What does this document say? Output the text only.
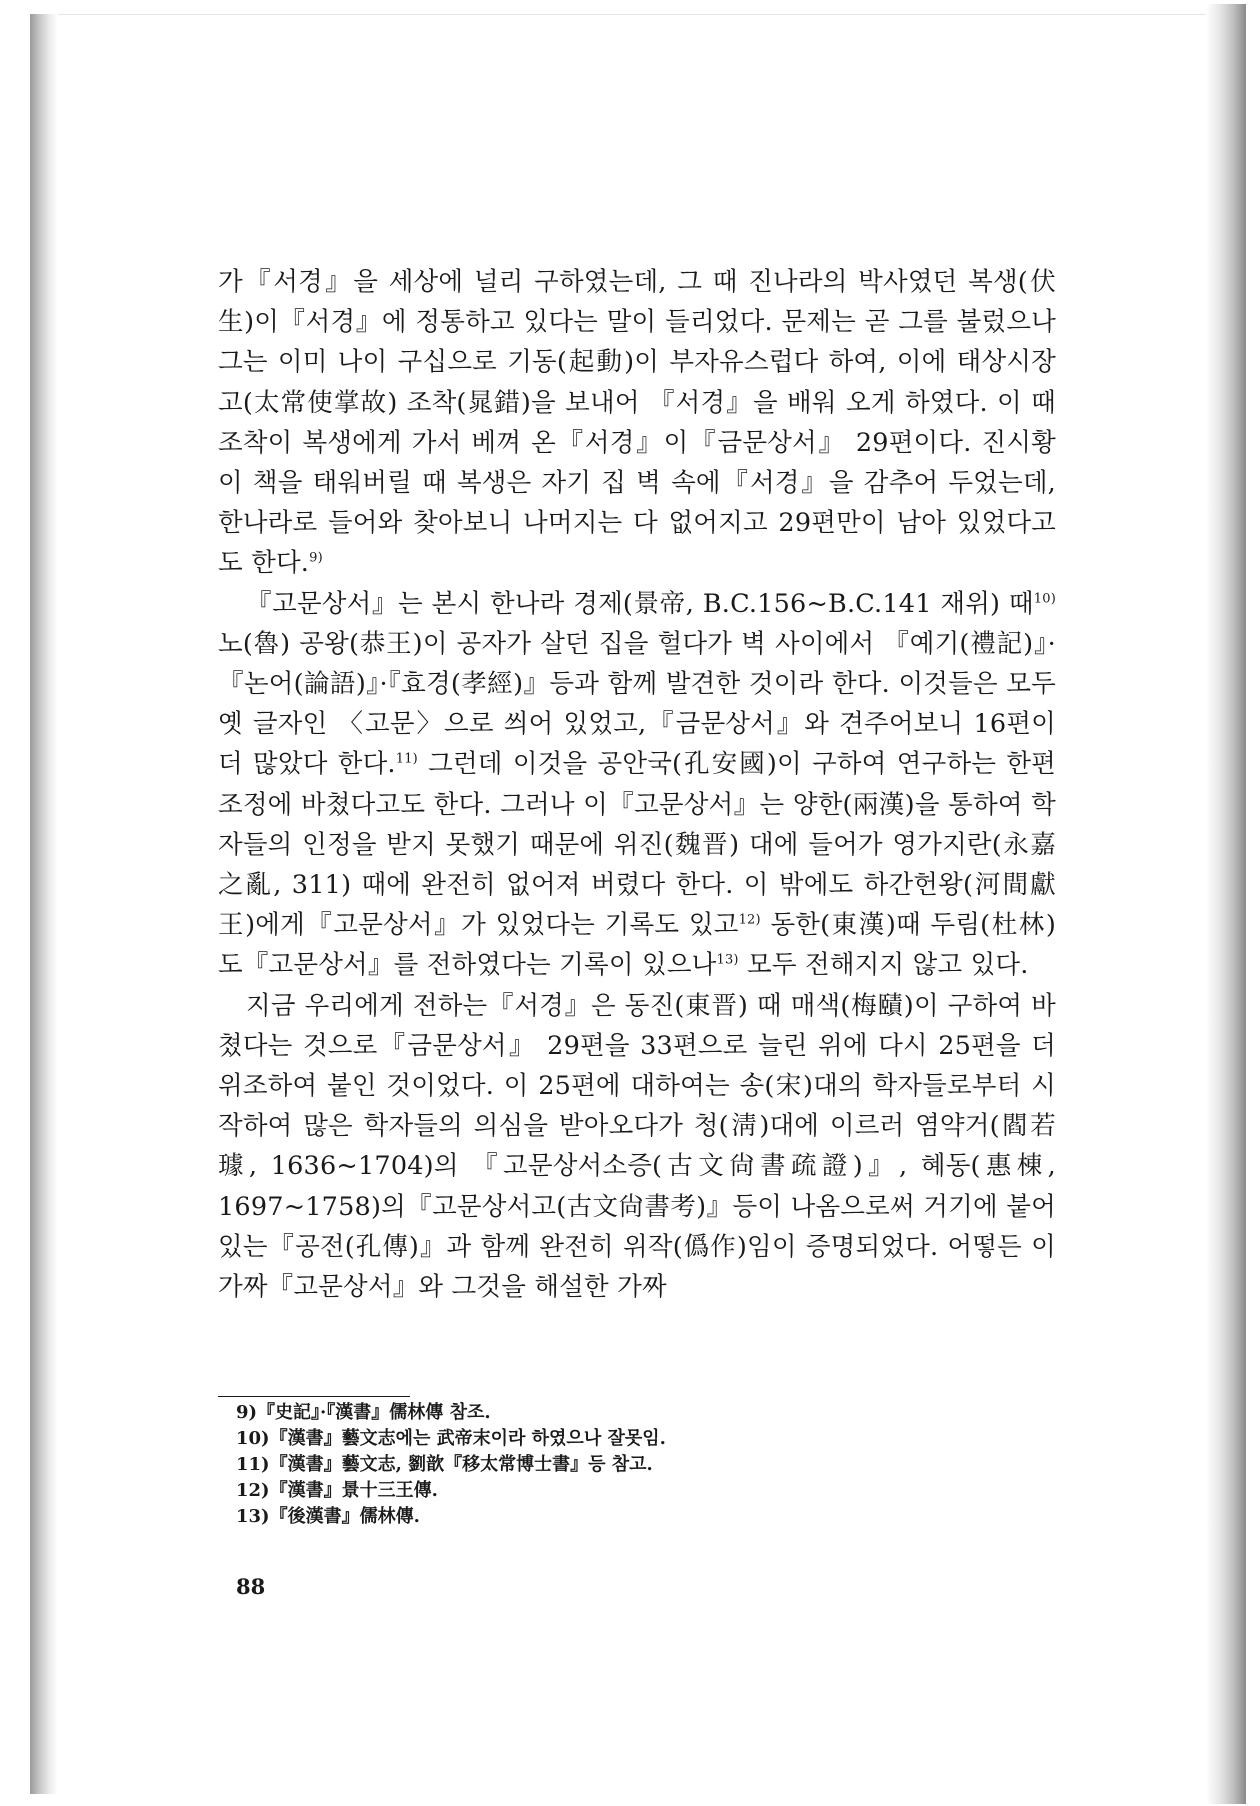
가『서경』을 세상에 널리 구하였는데, 그 때 진나라의 박사였던 복생(伏生)이『서경』에 정통하고 있다는 말이 들리었다. 문제는 곧 그를 불렀으나 그는 이미 나이 구십으로 기동(起動)이 부자유스럽다 하여, 이에 태상시장고(太常使掌故) 조착(晁錯)을 보내어 『서경』을 배워 오게 하였다. 이 때 조착이 복생에게 가서 베껴 온『서경』이『금문상서』 29편이다. 진시황이 책을 태워버릴 때 복생은 자기 집 벽 속에『서경』을 감추어 두었는데, 한나라로 들어와 찾아보니 나머지는 다 없어지고 29편만이 남아 있었다고도 한다.$^{9)}$

『고문상서』는 본시 한나라 경제(景帝, B.C.156~B.C.141 재위) 때$^{10)}$ 노(魯) 공왕(恭王)이 공자가 살던 집을 헐다가 벽 사이에서 『예기(禮記)』·『논어(論語)』·『효경(孝經)』등과 함께 발견한 것이라 한다. 이것들은 모두 옛 글자인 〈고문〉으로 씌어 있었고,『금문상서』와 견주어보니 16편이 더 많았다 한다.$^{11)}$ 그런데 이것을 공안국(孔安國)이 구하여 연구하는 한편 조정에 바쳤다고도 한다. 그러나 이『고문상서』는 양한(兩漢)을 통하여 학자들의 인정을 받지 못했기 때문에 위진(魏晋) 대에 들어가 영가지란(永嘉之亂, 311) 때에 완전히 없어져 버렸다 한다. 이 밖에도 하간헌왕(河間獻王)에게『고문상서』가 있었다는 기록도 있고$^{12)}$ 동한(東漢)때 두림(杜林)도『고문상서』를 전하였다는 기록이 있으나$^{13)}$ 모두 전해지지 않고 있다.

지금 우리에게 전하는『서경』은 동진(東晋) 때 매색(梅賾)이 구하여 바쳤다는 것으로『금문상서』 29편을 33편으로 늘린 위에 다시 25편을 더 위조하여 붙인 것이었다. 이 25편에 대하여는 송(宋)대의 학자들로부터 시작하여 많은 학자들의 의심을 받아오다가 청(淸)대에 이르러 염약거(閻若璩, 1636~1704)의 『고문상서소증(古文尙書疏證)』, 혜동(惠棟, 1697~1758)의『고문상서고(古文尙書考)』등이 나옴으로써 거기에 붙어 있는『공전(孔傳)』과 함께 완전히 위작(僞作)임이 증명되었다. 어떻든 이 가짜『고문상서』와 그것을 해설한 가짜

9)『史記』·『漢書』儒林傳 참조.

10)『漢書』藝文志에는 武帝末이라 하였으나 잘못임.

11)『漢書』藝文志, 劉歆『移太常博士書』등 참고.

12)『漢書』景十三王傳.

13)『後漢書』儒林傳.

88
